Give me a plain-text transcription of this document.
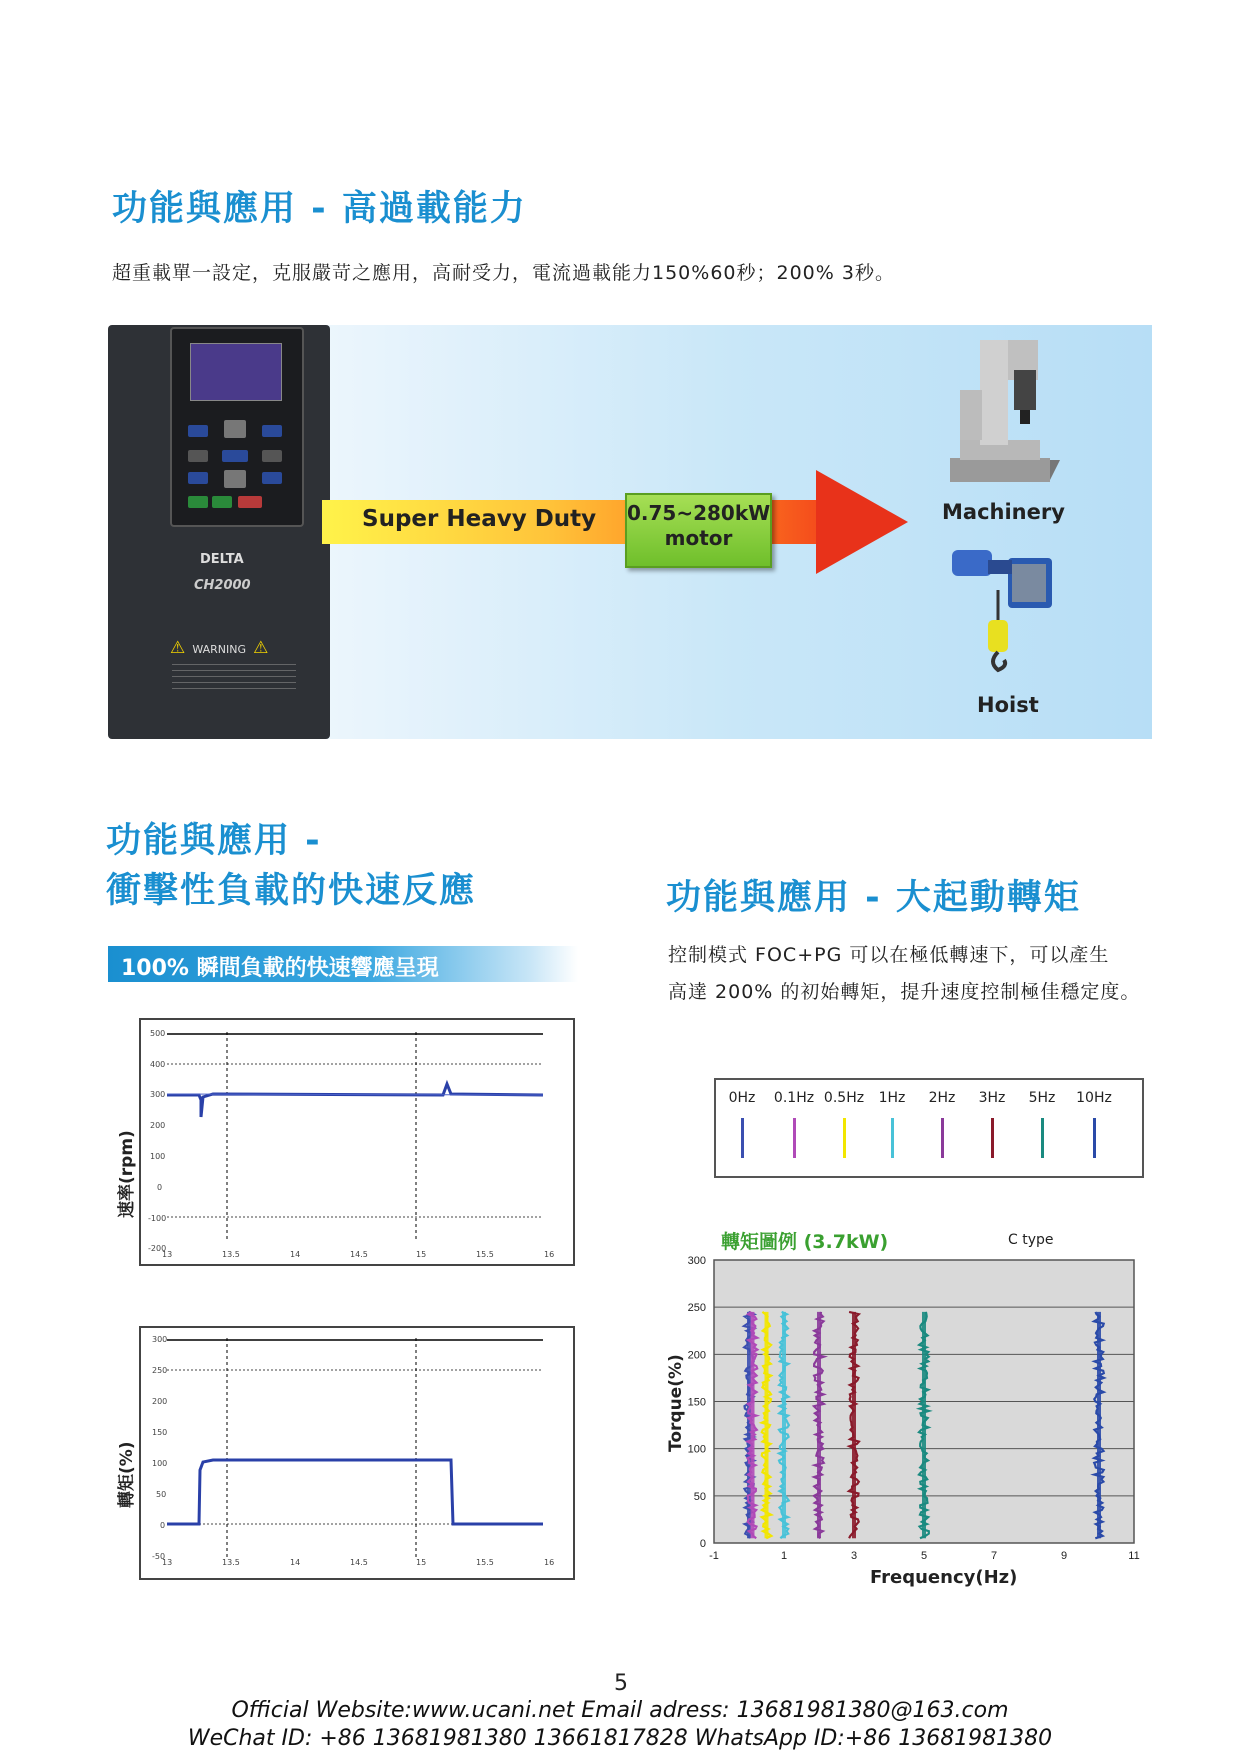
功能與應用 - 高過載能力
超重載單一設定，克服嚴苛之應用，高耐受力，電流過載能力150%60秒；200% 3秒。
DELTA
CH2000
⚠ WARNING ⚠
Super Heavy Duty 0.75~280kW
motor
Machinery
Hoist
功能與應用 -
衝擊性負載的快速反應
100% 瞬間負載的快速響應呈現
500
400
300
200
100
0
-100
-200
13	13.5	14	14.5	15	15.5	16
速率(rpm)
300
250
200
150
100
50
0
-50
13	13.5	14	14.5	15	15.5	16
轉矩(%)
功能與應用 - 大起動轉矩
控制模式 FOC+PG 可以在極低轉速下，可以產生
高達 200% 的初始轉矩，提升速度控制極佳穩定度。
0Hz 0.1Hz 0.5Hz 1Hz 2Hz 3Hz 5Hz 10Hz
轉矩圖例 (3.7kW)	C type
0
50
100
150
200
250
300
-1	1	3	5	7	9	11
Torque(%)
Frequency(Hz)
5
Official Website:www.ucani.net Email adress: 13681981380@163.com
WeChat ID: +86 13681981380 13661817828 WhatsApp ID:+86 13681981380
